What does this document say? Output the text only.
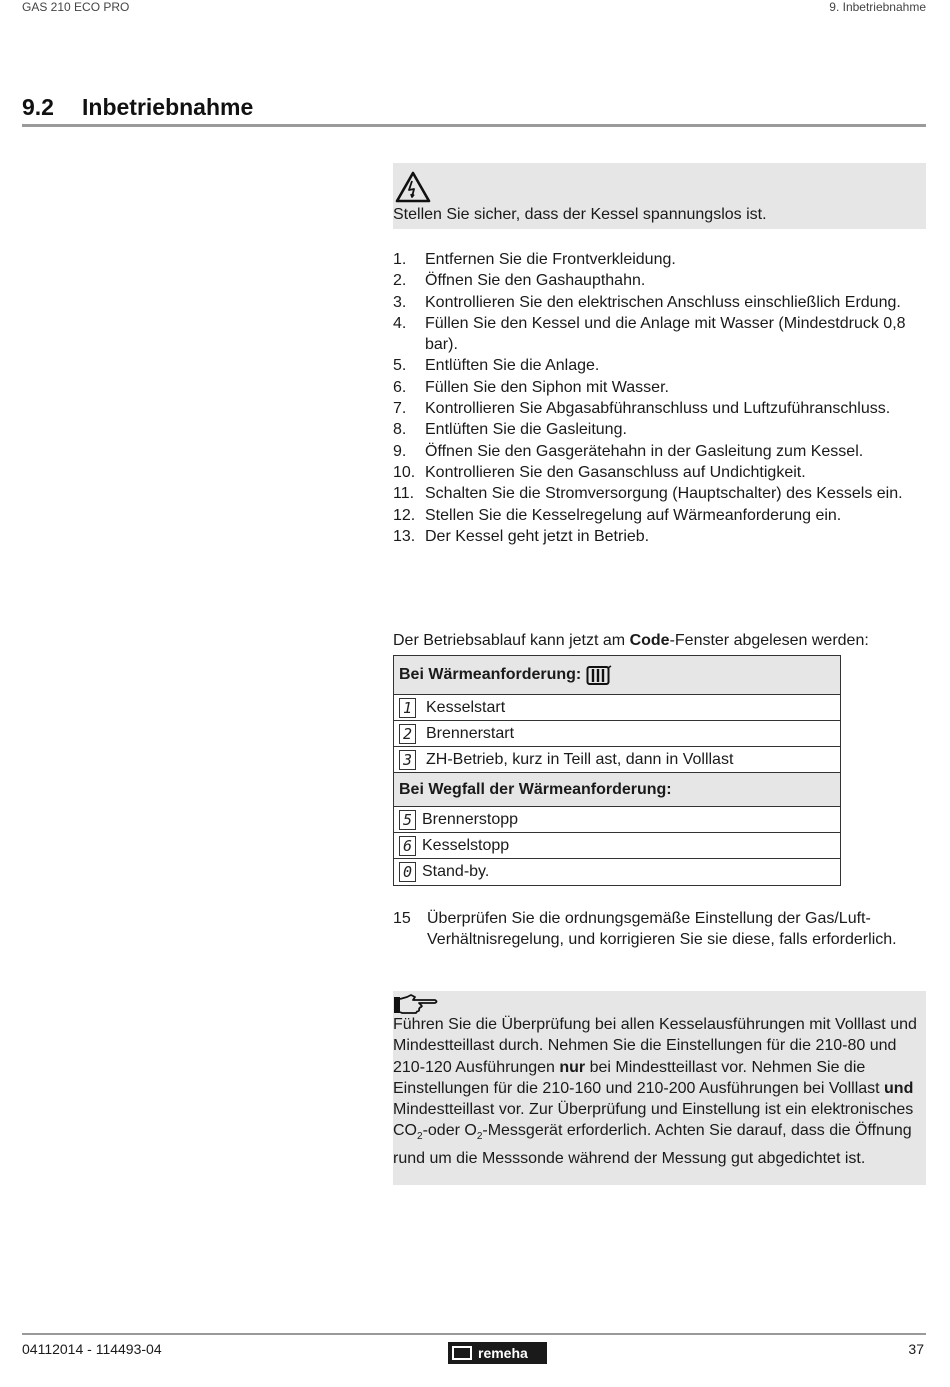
GAS 210 ECO PRO	9. Inbetriebnahme
9.2 Inbetriebnahme
Stellen Sie sicher, dass der Kessel spannungslos ist.
1. Entfernen Sie die Frontverkleidung.
2. Öffnen Sie den Gashaupthahn.
3. Kontrollieren Sie den elektrischen Anschluss einschließlich Erdung.
4. Füllen Sie den Kessel und die Anlage mit Wasser (Mindestdruck 0,8 bar).
5. Entlüften Sie die Anlage.
6. Füllen Sie den Siphon mit Wasser.
7. Kontrollieren Sie Abgasabführanschluss und Luftzuführanschluss.
8. Entlüften Sie die Gasleitung.
9. Öffnen Sie den Gasgerätehahn in der Gasleitung zum Kessel.
10. Kontrollieren Sie den Gasanschluss auf Undichtigkeit.
11. Schalten Sie die Stromversorgung (Hauptschalter) des Kessels ein.
12. Stellen Sie die Kesselregelung auf Wärmeanforderung ein.
13. Der Kessel geht jetzt in Betrieb.
Der Betriebsablauf kann jetzt am Code-Fenster abgelesen werden:
Bei Wärmeanforderung:
1 Kesselstart
2 Brennerstart
3 ZH-Betrieb, kurz in Teill ast, dann in Volllast
Bei Wegfall der Wärmeanforderung:
5 Brennerstopp
6 Kesselstopp
0 Stand-by.
15 Überprüfen Sie die ordnungsgemäße Einstellung der Gas/Luft-Verhältnisregelung, und korrigieren Sie sie diese, falls erforderlich.
Führen Sie die Überprüfung bei allen Kesselausführungen mit Volllast und Mindestteillast durch. Nehmen Sie die Einstellungen für die 210-80 und 210-120 Ausführungen nur bei Mindestteillast vor. Nehmen Sie die Einstellungen für die 210-160 und 210-200 Ausführungen bei Volllast und Mindestteillast vor. Zur Überprüfung und Einstellung ist ein elektronisches $CO_2$-oder $O_2$-Messgerät erforderlich. Achten Sie darauf, dass die Öffnung rund um die Messsonde während der Messung gut abgedichtet ist.
04112014 - 114493-04	remeha	37
